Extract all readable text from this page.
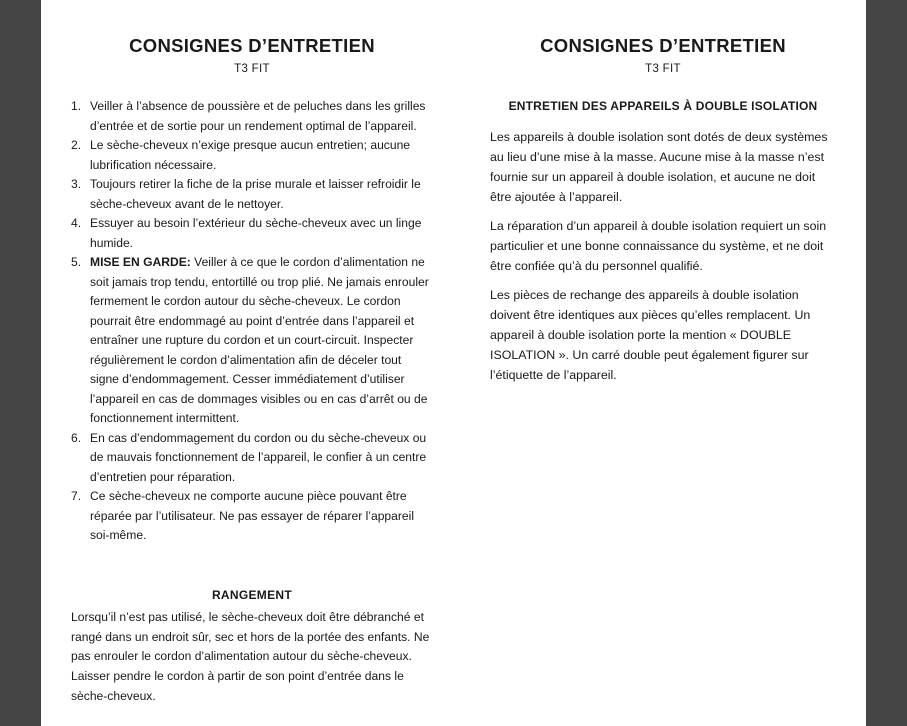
CONSIGNES D’ENTRETIEN
T3 FIT
1. Veiller à l’absence de poussière et de peluches dans les grilles d’entrée et de sortie pour un rendement optimal de l’appareil.
2. Le sèche-cheveux n’exige presque aucun entretien; aucune lubrification nécessaire.
3. Toujours retirer la fiche de la prise murale et laisser refroidir le sèche-cheveux avant de le nettoyer.
4. Essuyer au besoin l’extérieur du sèche-cheveux avec un linge humide.
5. MISE EN GARDE: Veiller à ce que le cordon d’alimentation ne soit jamais trop tendu, entortillé ou trop plié. Ne jamais enrouler fermement le cordon autour du sèche-cheveux. Le cordon pourrait être endommagé au point d’entrée dans l’appareil et entraîner une rupture du cordon et un court-circuit. Inspecter régulièrement le cordon d’alimentation afin de déceler tout signe d’endommagement. Cesser immédiatement d’utiliser l’appareil en cas de dommages visibles ou en cas d’arrêt ou de fonctionnement intermittent.
6. En cas d’endommagement du cordon ou du sèche-cheveux ou de mauvais fonctionnement de l’appareil, le confier à un centre d’entretien pour réparation.
7. Ce sèche-cheveux ne comporte aucune pièce pouvant être réparée par l’utilisateur. Ne pas essayer de réparer l’appareil soi-même.
RANGEMENT

Lorsqu’il n’est pas utilisé, le sèche-cheveux doit être débranché et rangé dans un endroit sûr, sec et hors de la portée des enfants. Ne pas enrouler le cordon d’alimentation autour du sèche-cheveux. Laisser pendre le cordon à partir de son point d’entrée dans le sèche-cheveux.

CONSIGNES D’ENTRETIEN
T3 FIT
ENTRETIEN DES APPAREILS À DOUBLE ISOLATION

Les appareils à double isolation sont dotés de deux systèmes au lieu d’une mise à la masse. Aucune mise à la masse n’est fournie sur un appareil à double isolation, et aucune ne doit être ajoutée à l’appareil.

La réparation d’un appareil à double isolation requiert un soin particulier et une bonne connaissance du système, et ne doit être confiée qu’à du personnel qualifié.

Les pièces de rechange des appareils à double isolation doivent être identiques aux pièces qu’elles remplacent. Un appareil à double isolation porte la mention « DOUBLE ISOLATION ». Un carré double peut également figurer sur l’étiquette de l’appareil.
